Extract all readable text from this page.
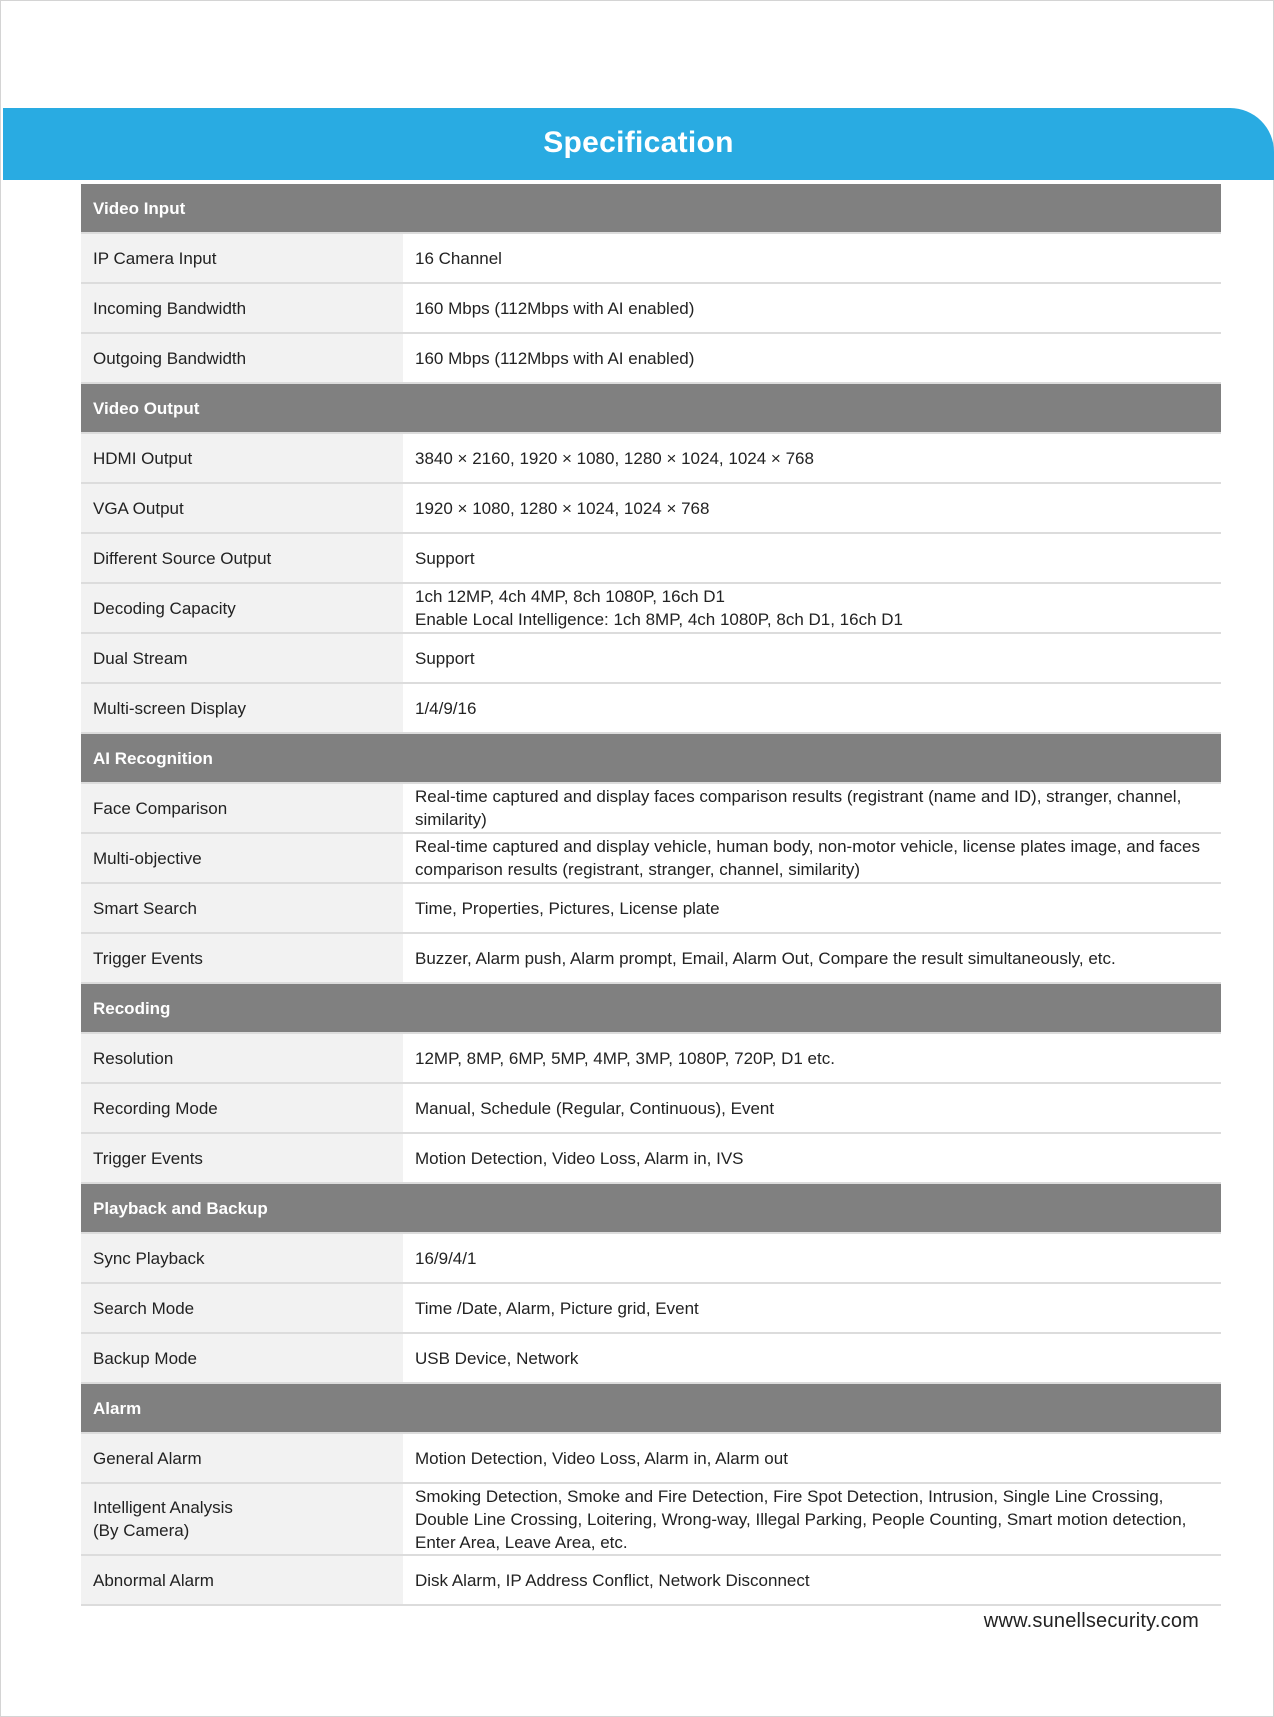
Specification
Video Input	
IP Camera Input	16 Channel
Incoming Bandwidth	160 Mbps (112Mbps with AI enabled)
Outgoing Bandwidth	160 Mbps (112Mbps with AI enabled)
Video Output	
HDMI Output	3840 × 2160, 1920 × 1080, 1280 × 1024, 1024 × 768
VGA Output	1920 × 1080, 1280 × 1024, 1024 × 768
Different Source Output	Support
Decoding Capacity	1ch 12MP, 4ch 4MP, 8ch 1080P, 16ch D1
Enable Local Intelligence: 1ch 8MP, 4ch 1080P, 8ch D1, 16ch D1
Dual Stream	Support
Multi-screen Display	1/4/9/16
AI Recognition	
Face Comparison	Real-time captured and display faces comparison results (registrant (name and ID), stranger, channel, similarity)
Multi-objective	Real-time captured and display vehicle, human body, non-motor vehicle, license plates image, and faces comparison results (registrant, stranger, channel, similarity)
Smart Search	Time, Properties, Pictures, License plate
Trigger Events	Buzzer, Alarm push, Alarm prompt, Email, Alarm Out, Compare the result simultaneously, etc.
Recoding	
Resolution	12MP, 8MP, 6MP, 5MP, 4MP, 3MP, 1080P, 720P, D1 etc.
Recording Mode	Manual, Schedule (Regular, Continuous), Event
Trigger Events	Motion Detection, Video Loss, Alarm in, IVS
Playback and Backup	
Sync Playback	16/9/4/1
Search Mode	Time /Date, Alarm, Picture grid, Event
Backup Mode	USB Device, Network
Alarm	
General Alarm	Motion Detection, Video Loss, Alarm in, Alarm out
Intelligent Analysis
(By Camera)	Smoking Detection, Smoke and Fire Detection, Fire Spot Detection, Intrusion, Single Line Crossing, Double Line Crossing, Loitering, Wrong-way, Illegal Parking, People Counting, Smart motion detection, Enter Area, Leave Area, etc.
Abnormal Alarm	Disk Alarm, IP Address Conflict, Network Disconnect
www.sunellsecurity.com
